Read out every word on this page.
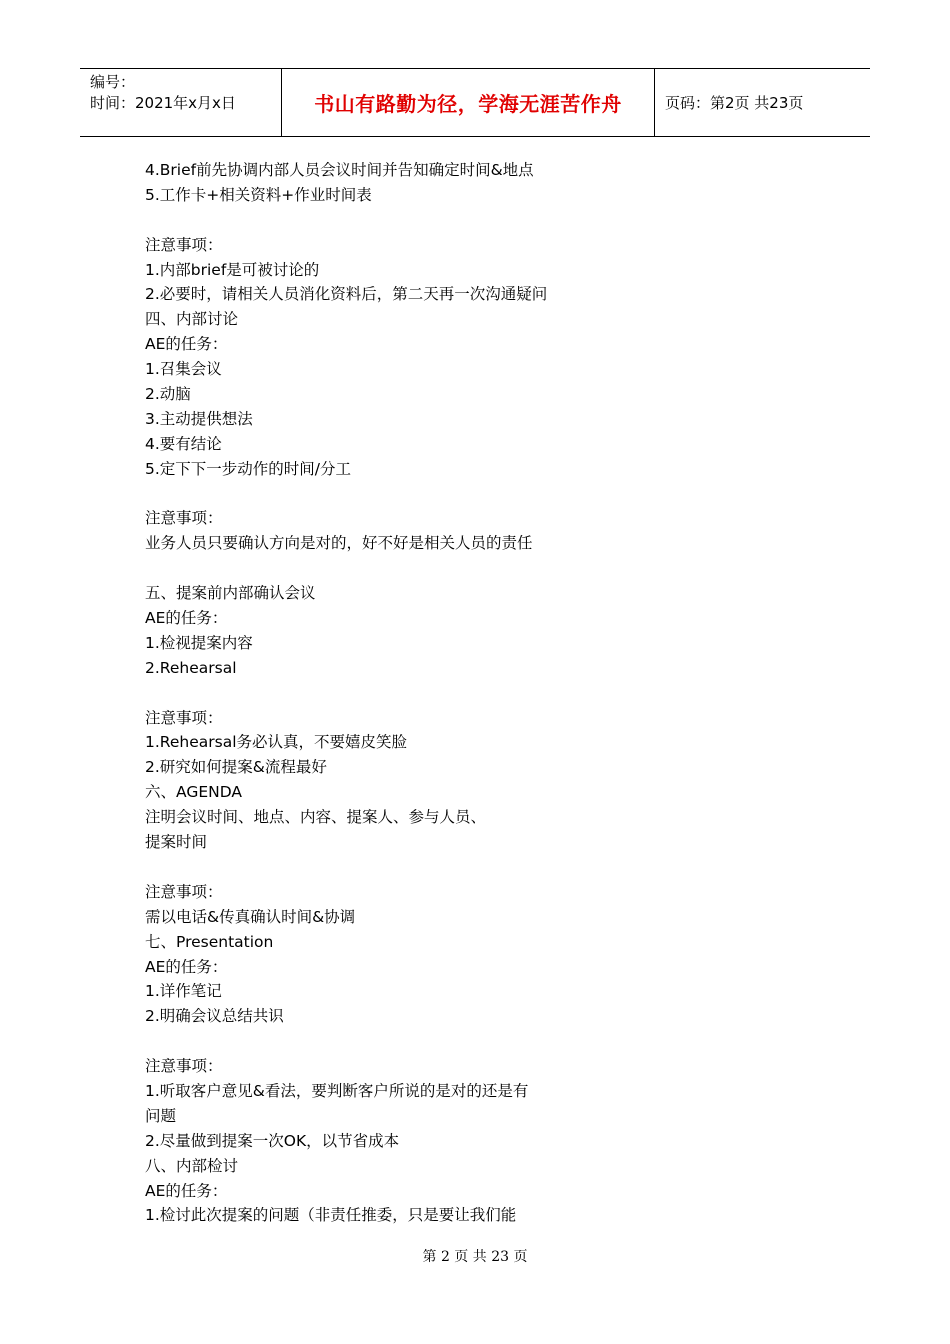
编号：
时间：2021年x月x日	书山有路勤为径，学海无涯苦作舟	页码：第2页 共23页
4.Brief前先协调内部人员会议时间并告知确定时间&地点
5.工作卡+相关资料+作业时间表
注意事项：
1.内部brief是可被讨论的
2.必要时，请相关人员消化资料后，第二天再一次沟通疑问
四、内部讨论
AE的任务：
1.召集会议
2.动脑
3.主动提供想法
4.要有结论
5.定下下一步动作的时间/分工
注意事项：
业务人员只要确认方向是对的，好不好是相关人员的责任
五、提案前内部确认会议
AE的任务：
1.检视提案内容
2.Rehearsal
注意事项：
1.Rehearsal务必认真，不要嬉皮笑脸
2.研究如何提案&流程最好
六、AGENDA
注明会议时间、地点、内容、提案人、参与人员、
提案时间
注意事项：
需以电话&传真确认时间&协调
七、Presentation
AE的任务：
1.详作笔记
2.明确会议总结共识
注意事项：
1.听取客户意见&看法，要判断客户所说的是对的还是有
问题
2.尽量做到提案一次OK，以节省成本
八、内部检讨
AE的任务：
1.检讨此次提案的问题（非责任推委，只是要让我们能
第 2 页 共 23 页
